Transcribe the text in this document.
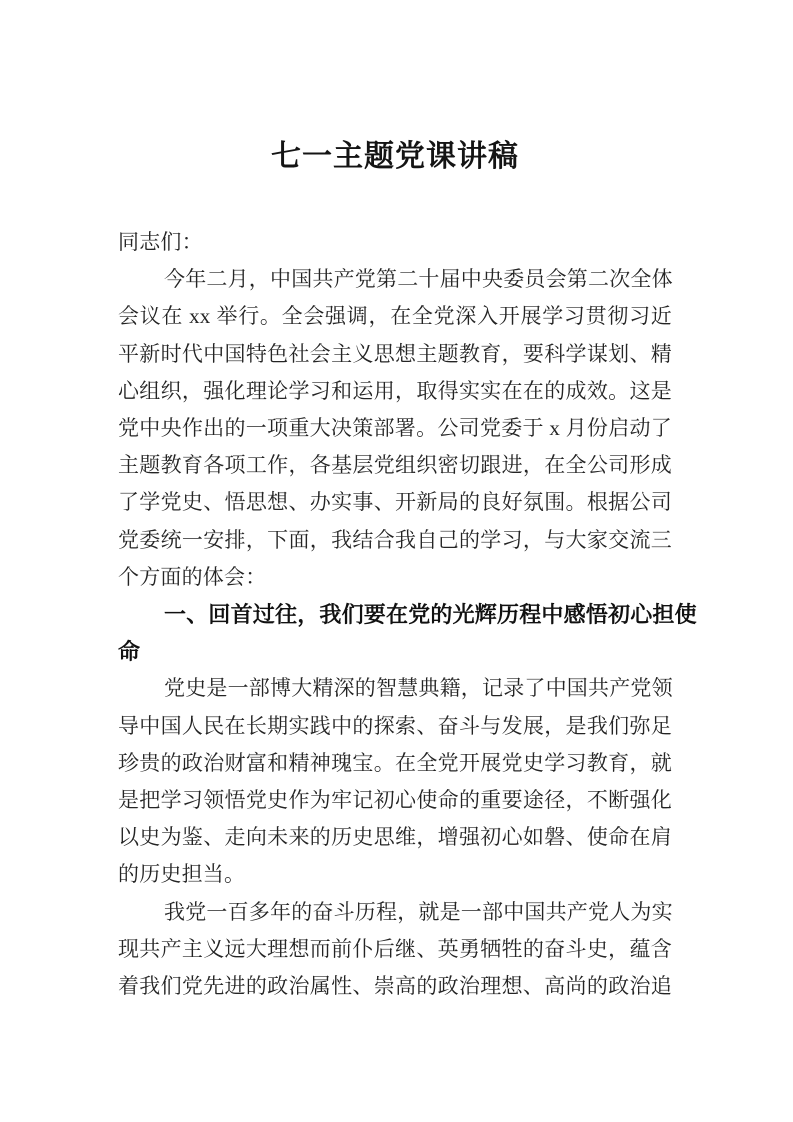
七一主题党课讲稿
同志们：
今年二月，中国共产党第二十届中央委员会第二次全体
会议在 xx 举行。全会强调，在全党深入开展学习贯彻习近
平新时代中国特色社会主义思想主题教育，要科学谋划、精
心组织，强化理论学习和运用，取得实实在在的成效。这是
党中央作出的一项重大决策部署。公司党委于 x 月份启动了
主题教育各项工作，各基层党组织密切跟进，在全公司形成
了学党史、悟思想、办实事、开新局的良好氛围。根据公司
党委统一安排，下面，我结合我自己的学习，与大家交流三
个方面的体会：
一、回首过往，我们要在党的光辉历程中感悟初心担使
命
党史是一部博大精深的智慧典籍，记录了中国共产党领
导中国人民在长期实践中的探索、奋斗与发展，是我们弥足
珍贵的政治财富和精神瑰宝。在全党开展党史学习教育，就
是把学习领悟党史作为牢记初心使命的重要途径，不断强化
以史为鉴、走向未来的历史思维，增强初心如磐、使命在肩
的历史担当。
我党一百多年的奋斗历程，就是一部中国共产党人为实
现共产主义远大理想而前仆后继、英勇牺牲的奋斗史，蕴含
着我们党先进的政治属性、崇高的政治理想、高尚的政治追
